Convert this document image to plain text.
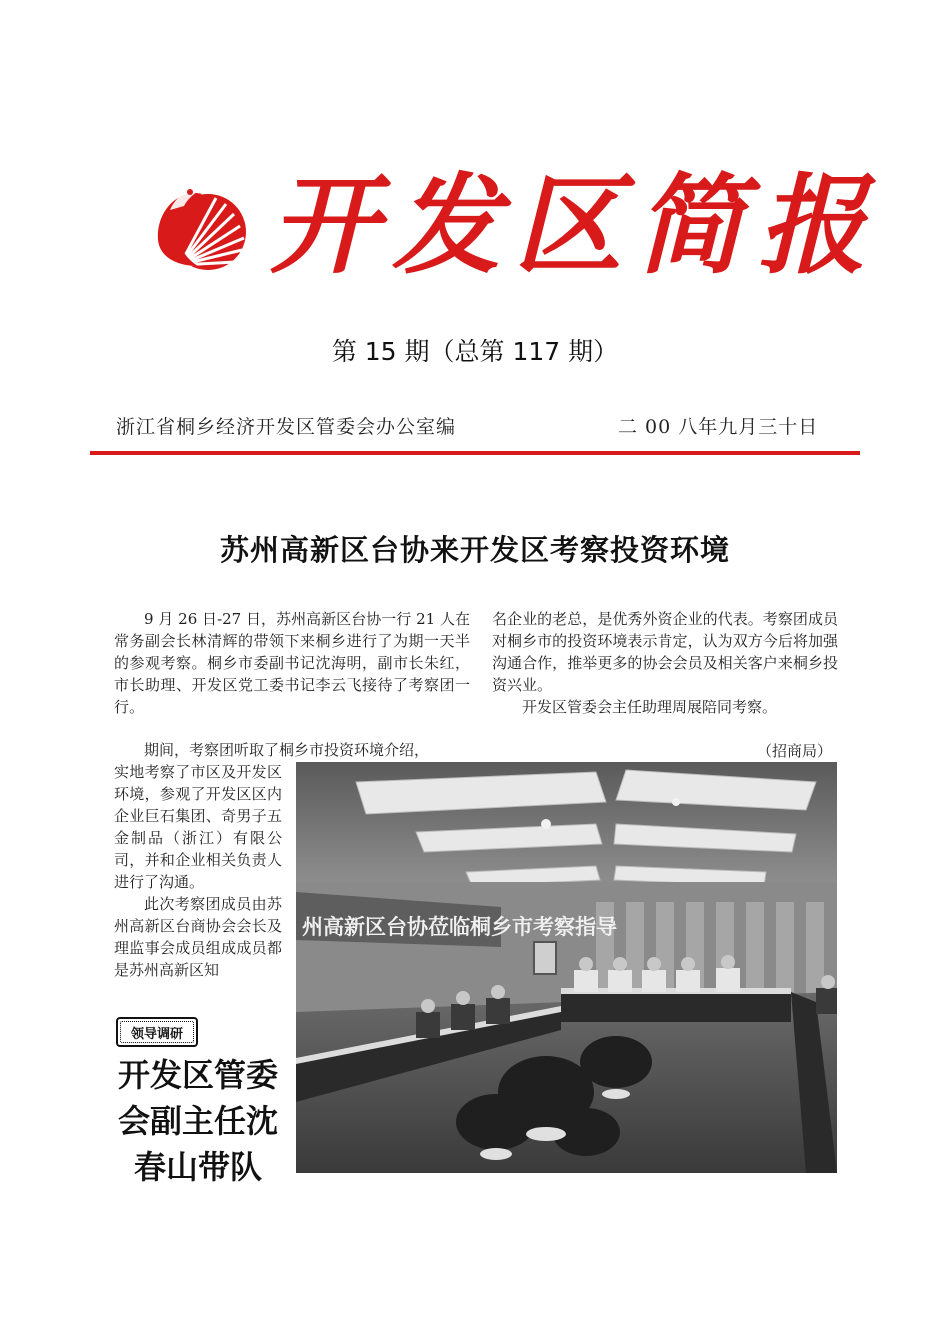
开发区简报
第 15 期（总第 117 期）
浙江省桐乡经济开发区管委会办公室编	二 00 八年九月三十日
苏州高新区台协来开发区考察投资环境
9 月 26 日-27 日，苏州高新区台协一行 21 人在常务副会长林清辉的带领下来桐乡进行了为期一天半的参观考察。桐乡市委副书记沈海明，副市长朱红，市长助理、开发区党工委书记李云飞接待了考察团一行。
期间，考察团听取了桐乡市投资环境介绍，
实地考察了市区及开发区环境，参观了开发区区内企业巨石集团、奇男子五金制品（浙江）有限公司，并和企业相关负责人进行了沟通。
此次考察团成员由苏州高新区台商协会会长及理监事会成员组成成员都是苏州高新区知
名企业的老总，是优秀外资企业的代表。考察团成员对桐乡市的投资环境表示肯定，认为双方今后将加强沟通合作，推举更多的协会会员及相关客户来桐乡投资兴业。
开发区管委会主任助理周展陪同考察。
（招商局）
州高新区台协莅临桐乡市考察指导
领导调研
开发区管委会副主任沈春山带队
